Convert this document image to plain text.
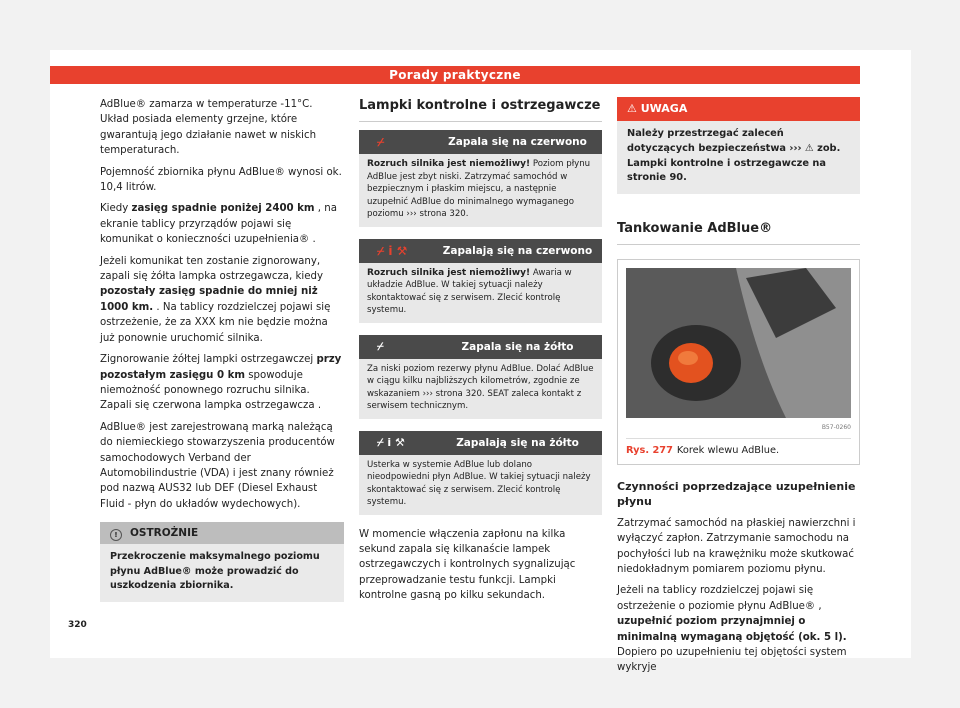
Porady praktyczne

AdBlue® zamarza w temperaturze -11°C. Układ posiada elementy grzejne, które gwarantują jego działanie nawet w niskich temperaturach.

Pojemność zbiornika płynu AdBlue® wynosi ok. 10,4 litrów.

Kiedy zasięg spadnie poniżej 2400 km , na ekranie tablicy przyrządów pojawi się komunikat o konieczności uzupełnienia® .

Jeżeli komunikat ten zostanie zignorowany, zapali się żółta lampka ostrzegawcza, kiedy pozostały zasięg spadnie do mniej niż 1000 km. . Na tablicy rozdzielczej pojawi się ostrzeżenie, że za XXX km nie będzie można już ponownie uruchomić silnika.

Zignorowanie żółtej lampki ostrzegawczej przy pozostałym zasięgu 0 km spowoduje niemożność ponownego rozruchu silnika. Zapali się czerwona lampka ostrzegawcza .

AdBlue® jest zarejestrowaną marką należącą do niemieckiego stowarzyszenia producentów samochodowych Verband der Automobilindustrie (VDA) i jest znany również pod nazwą AUS32 lub DEF (Diesel Exhaust Fluid - płyn do układów wydechowych).

! OSTROŻNIE
Przekroczenie maksymalnego poziomu płynu AdBlue® może prowadzić do uszkodzenia zbiornika.
Lampki kontrolne i ostrzegawcze
⌿	Zapala się na czerwono
Rozruch silnika jest niemożliwy! Poziom płynu AdBlue jest zbyt niski. Zatrzymać samochód w bezpiecznym i płaskim miejscu, a następnie uzupełnić AdBlue do minimalnego wymaganego poziomu ››› strona 320.
⌿ i ⚒	Zapalają się na czerwono
Rozruch silnika jest niemożliwy! Awaria w układzie AdBlue. W takiej sytuacji należy skontaktować się z serwisem. Zlecić kontrolę systemu.
⌿	Zapala się na żółto
Za niski poziom rezerwy płynu AdBlue. Dolać AdBlue w ciągu kilku najbliższych kilometrów, zgodnie ze wskazaniem ››› strona 320. SEAT zaleca kontakt z serwisem technicznym.
⌿ i ⚒	Zapalają się na żółto
Usterka w systemie AdBlue lub dolano nieodpowiedni płyn AdBlue. W takiej sytuacji należy skontaktować się z serwisem. Zlecić kontrolę systemu.

W momencie włączenia zapłonu na kilka sekund zapala się kilkanaście lampek ostrzegawczych i kontrolnych sygnalizując przeprowadzanie testu funkcji. Lampki kontrolne gasną po kilku sekundach.

⚠ UWAGA
Należy przestrzegać zaleceń dotyczących bezpieczeństwa ››› ⚠ zob. Lampki kontrolne i ostrzegawcze na stronie 90.
Tankowanie AdBlue®
B57-0260
Rys. 277 Korek wlewu AdBlue.

Czynności poprzedzające uzupełnienie płynu

Zatrzymać samochód na płaskiej nawierzchni i wyłączyć zapłon. Zatrzymanie samochodu na pochyłości lub na krawężniku może skutkować niedokładnym pomiarem poziomu płynu.

Jeżeli na tablicy rozdzielczej pojawi się ostrzeżenie o poziomie płynu AdBlue® , uzupełnić poziom przynajmniej o minimalną wymaganą objętość (ok. 5 l). Dopiero po uzupełnieniu tej objętości system wykryje

320
